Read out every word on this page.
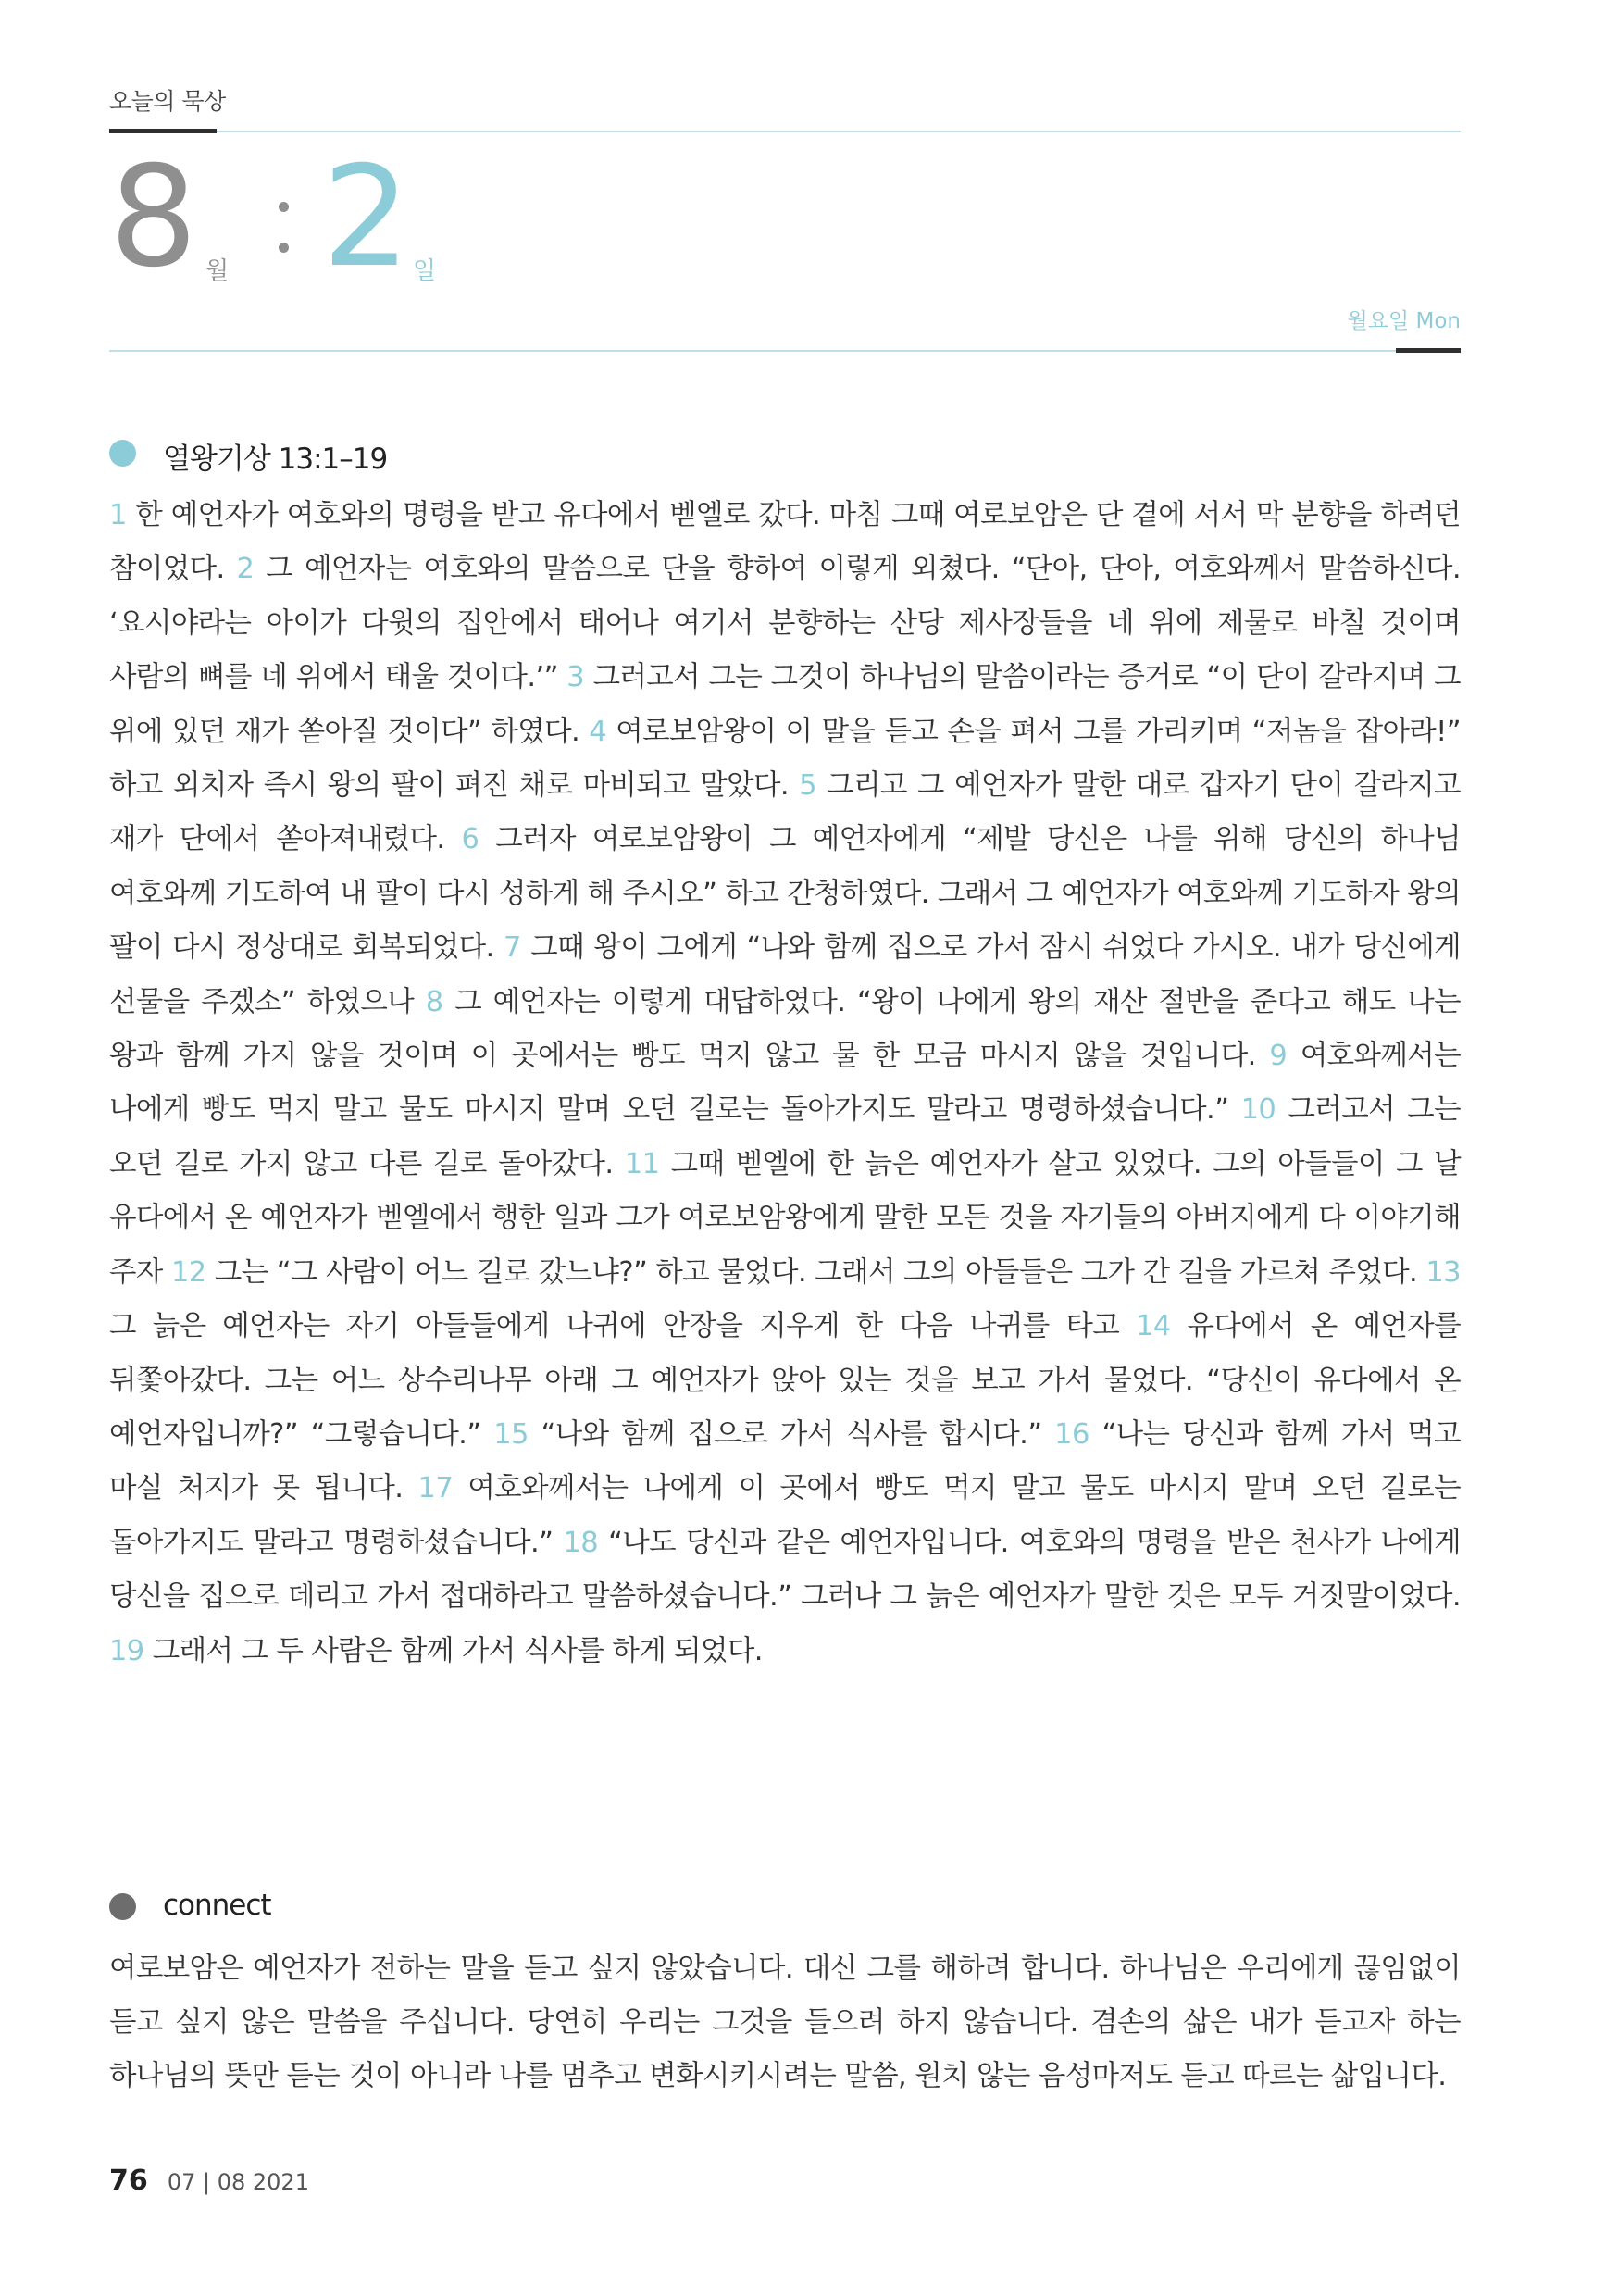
오늘의 묵상
8 월 2 일
월요일 Mon
열왕기상 13:1–19
1 한 예언자가 여호와의 명령을 받고 유다에서 벧엘로 갔다. 마침 그때 여로보암은 단 곁에 서서 막 분향을 하려던 참이었다. 2 그 예언자는 여호와의 말씀으로 단을 향하여 이렇게 외쳤다. “단아, 단아, 여호와께서 말씀하신다. ‘요시야라는 아이가 다윗의 집안에서 태어나 여기서 분향하는 산당 제사장들을 네 위에 제물로 바칠 것이며 사람의 뼈를 네 위에서 태울 것이다.’” 3 그러고서 그는 그것이 하나님의 말씀이라는 증거로 “이 단이 갈라지며 그 위에 있던 재가 쏟아질 것이다” 하였다. 4 여로보암왕이 이 말을 듣고 손을 펴서 그를 가리키며 “저놈을 잡아라!” 하고 외치자 즉시 왕의 팔이 펴진 채로 마비되고 말았다. 5 그리고 그 예언자가 말한 대로 갑자기 단이 갈라지고 재가 단에서 쏟아져내렸다. 6 그러자 여로보암왕이 그 예언자에게 “제발 당신은 나를 위해 당신의 하나님 여호와께 기도하여 내 팔이 다시 성하게 해 주시오” 하고 간청하였다. 그래서 그 예언자가 여호와께 기도하자 왕의 팔이 다시 정상대로 회복되었다. 7 그때 왕이 그에게 “나와 함께 집으로 가서 잠시 쉬었다 가시오. 내가 당신에게 선물을 주겠소” 하였으나 8 그 예언자는 이렇게 대답하였다. “왕이 나에게 왕의 재산 절반을 준다고 해도 나는 왕과 함께 가지 않을 것이며 이 곳에서는 빵도 먹지 않고 물 한 모금 마시지 않을 것입니다. 9 여호와께서는 나에게 빵도 먹지 말고 물도 마시지 말며 오던 길로는 돌아가지도 말라고 명령하셨습니다.” 10 그러고서 그는 오던 길로 가지 않고 다른 길로 돌아갔다. 11 그때 벧엘에 한 늙은 예언자가 살고 있었다. 그의 아들들이 그 날 유다에서 온 예언자가 벧엘에서 행한 일과 그가 여로보암왕에게 말한 모든 것을 자기들의 아버지에게 다 이야기해 주자 12 그는 “그 사람이 어느 길로 갔느냐?” 하고 물었다. 그래서 그의 아들들은 그가 간 길을 가르쳐 주었다. 13 그 늙은 예언자는 자기 아들들에게 나귀에 안장을 지우게 한 다음 나귀를 타고 14 유다에서 온 예언자를 뒤쫓아갔다. 그는 어느 상수리나무 아래 그 예언자가 앉아 있는 것을 보고 가서 물었다. “당신이 유다에서 온 예언자입니까?” “그렇습니다.” 15 “나와 함께 집으로 가서 식사를 합시다.” 16 “나는 당신과 함께 가서 먹고 마실 처지가 못 됩니다. 17 여호와께서는 나에게 이 곳에서 빵도 먹지 말고 물도 마시지 말며 오던 길로는 돌아가지도 말라고 명령하셨습니다.” 18 “나도 당신과 같은 예언자입니다. 여호와의 명령을 받은 천사가 나에게 당신을 집으로 데리고 가서 접대하라고 말씀하셨습니다.” 그러나 그 늙은 예언자가 말한 것은 모두 거짓말이었다. 19 그래서 그 두 사람은 함께 가서 식사를 하게 되었다.
connect
여로보암은 예언자가 전하는 말을 듣고 싶지 않았습니다. 대신 그를 해하려 합니다. 하나님은 우리에게 끊임없이 듣고 싶지 않은 말씀을 주십니다. 당연히 우리는 그것을 들으려 하지 않습니다. 겸손의 삶은 내가 듣고자 하는 하나님의 뜻만 듣는 것이 아니라 나를 멈추고 변화시키시려는 말씀, 원치 않는 음성마저도 듣고 따르는 삶입니다.
76 07 | 08 2021
